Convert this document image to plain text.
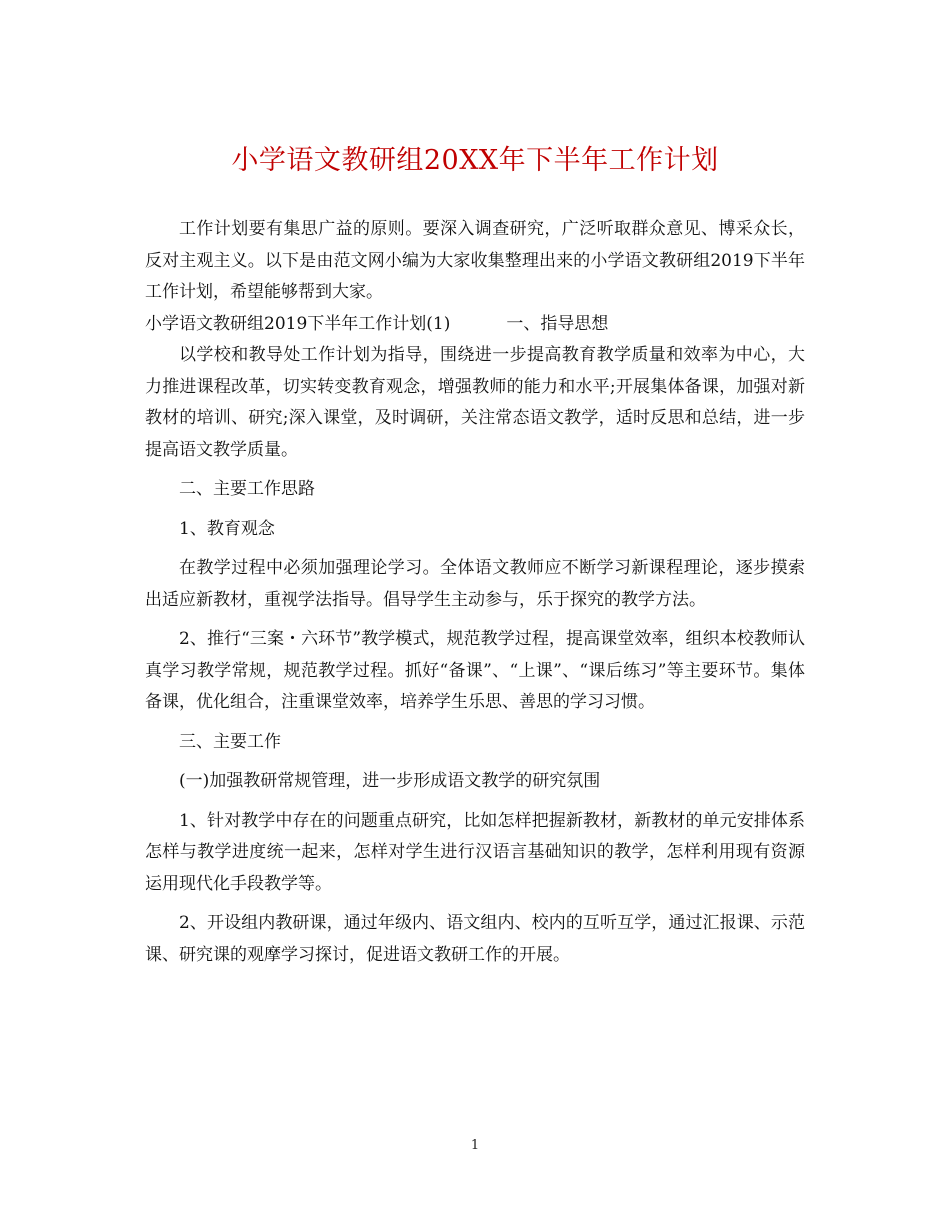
小学语文教研组20XX年下半年工作计划

工作计划要有集思广益的原则。要深入调查研究，广泛听取群众意见、博采众长，反对主观主义。以下是由范文网小编为大家收集整理出来的小学语文教研组2019下半年工作计划，希望能够帮到大家。

小学语文教研组2019下半年工作计划(1)	一、指导思想

以学校和教导处工作计划为指导，围绕进一步提高教育教学质量和效率为中心，大力推进课程改革，切实转变教育观念，增强教师的能力和水平;开展集体备课，加强对新教材的培训、研究;深入课堂，及时调研，关注常态语文教学，适时反思和总结，进一步提高语文教学质量。

二、主要工作思路

1、教育观念

在教学过程中必须加强理论学习。全体语文教师应不断学习新课程理论，逐步摸索出适应新教材，重视学法指导。倡导学生主动参与，乐于探究的教学方法。

2、推行“三案・六环节”教学模式，规范教学过程，提高课堂效率，组织本校教师认真学习教学常规，规范教学过程。抓好“备课”、“上课”、“课后练习”等主要环节。集体备课，优化组合，注重课堂效率，培养学生乐思、善思的学习习惯。

三、主要工作

(一)加强教研常规管理，进一步形成语文教学的研究氛围

1、针对教学中存在的问题重点研究，比如怎样把握新教材，新教材的单元安排体系怎样与教学进度统一起来，怎样对学生进行汉语言基础知识的教学，怎样利用现有资源运用现代化手段教学等。

2、开设组内教研课，通过年级内、语文组内、校内的互听互学，通过汇报课、示范课、研究课的观摩学习探讨，促进语文教研工作的开展。

1
